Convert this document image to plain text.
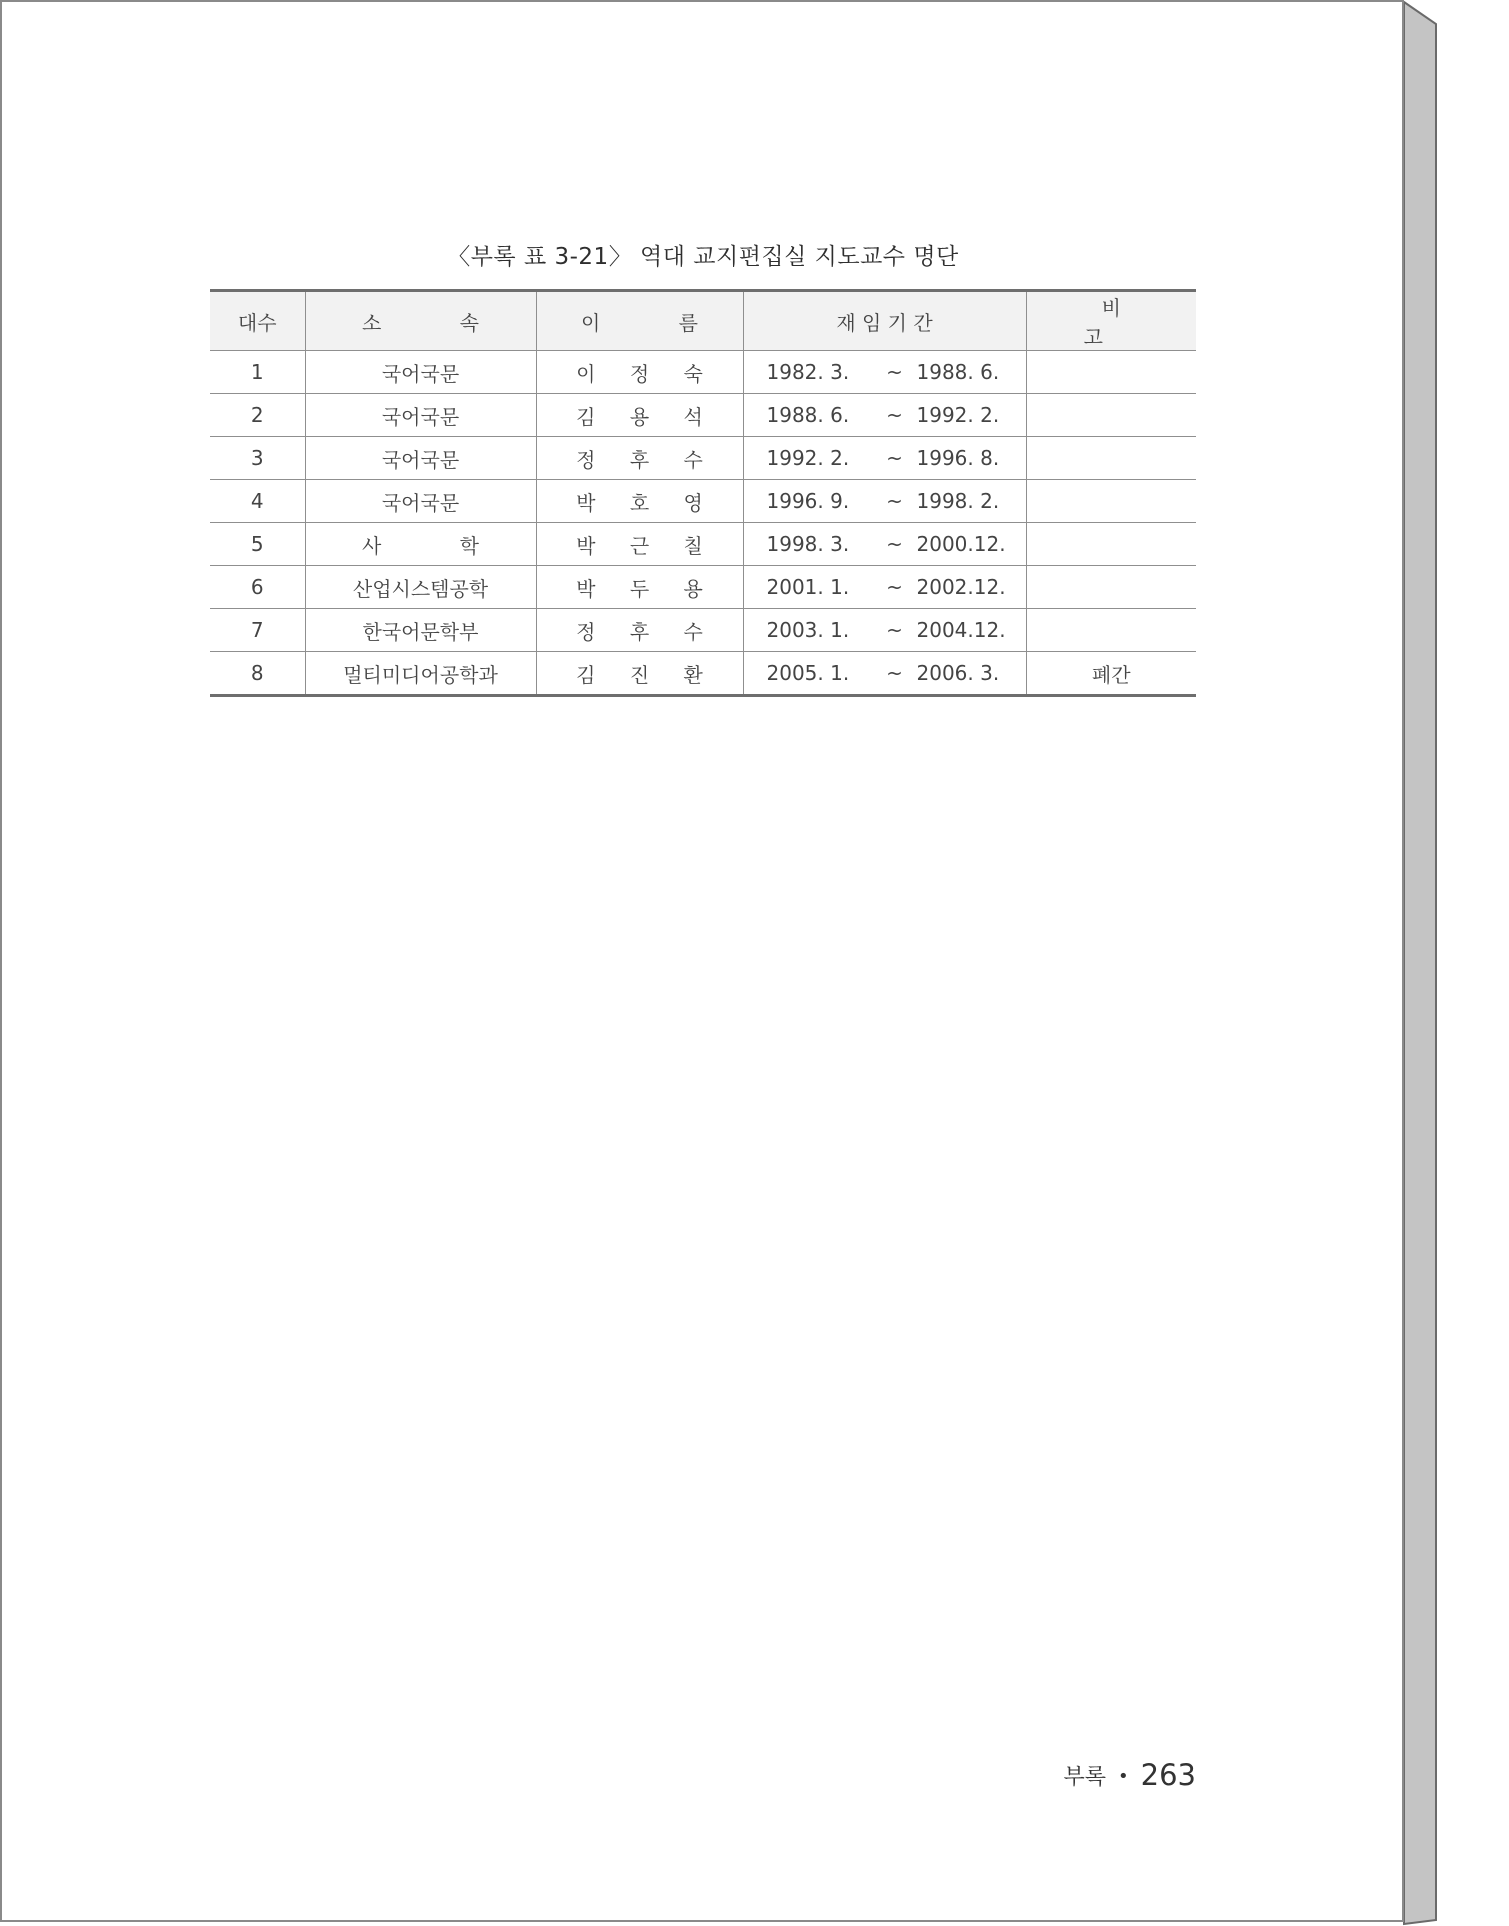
〈부록 표 3-21〉 역대 교지편집실 지도교수 명단
대수	소 속	이 름	재 임 기 간	비 고
1	국어국문	이 정 숙	1982. 3. ~ 1988. 6.	
2	국어국문	김 용 석	1988. 6. ~ 1992. 2.	
3	국어국문	정 후 수	1992. 2. ~ 1996. 8.	
4	국어국문	박 호 영	1996. 9. ~ 1998. 2.	
5	사 학	박 근 칠	1998. 3. ~ 2000.12.	
6	산업시스템공학	박 두 용	2001. 1. ~ 2002.12.	
7	한국어문학부	정 후 수	2003. 1. ~ 2004.12.	
8	멀티미디어공학과	김 진 환	2005. 1. ~ 2006. 3.	폐간
부록 • 263
